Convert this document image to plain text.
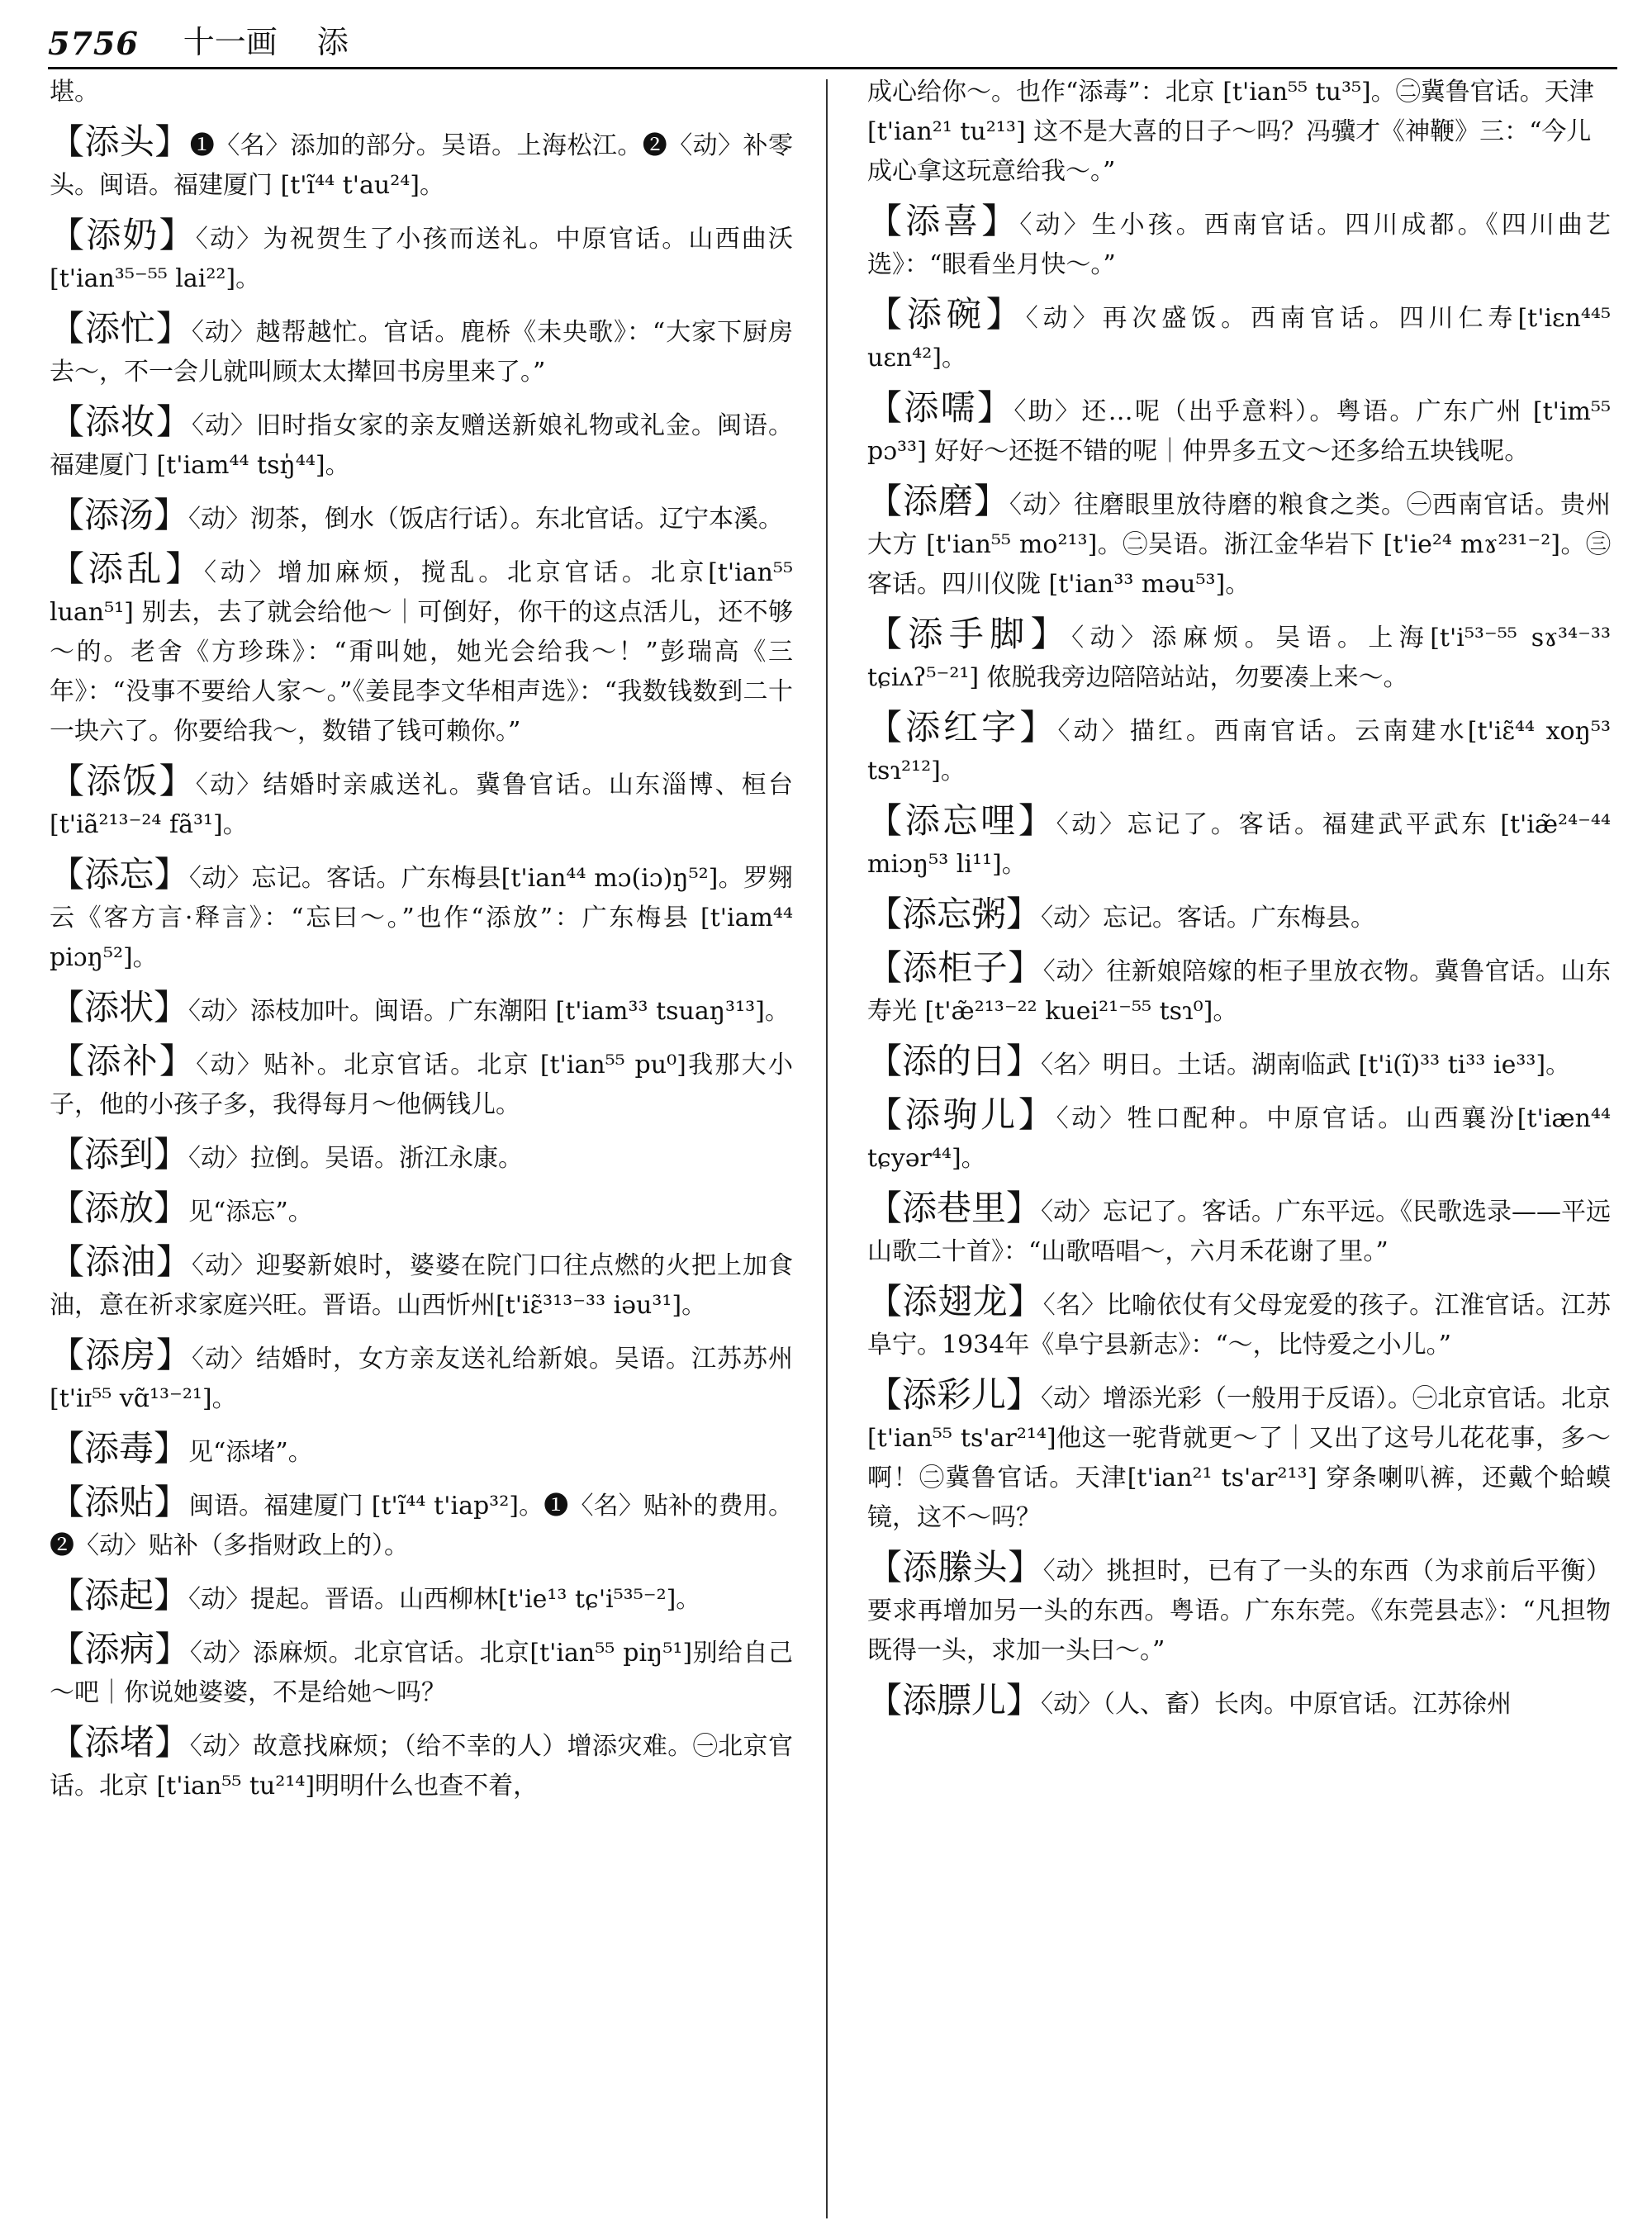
5756 十一画 添
堪。
【添头】❶〈名〉添加的部分。吴语。上海松江。❷〈动〉补零头。闽语。福建厦门 [t'ĩ⁴⁴ t'au²⁴]。
【添奶】〈动〉为祝贺生了小孩而送礼。中原官话。山西曲沃[t'ian³⁵⁻⁵⁵ lai²²]。
【添忙】〈动〉越帮越忙。官话。鹿桥《未央歌》：“大家下厨房去～，不一会儿就叫顾太太撵回书房里来了。”
【添妆】〈动〉旧时指女家的亲友赠送新娘礼物或礼金。闽语。福建厦门 [t'iam⁴⁴ tsŋ̍⁴⁴]。
【添汤】〈动〉沏茶，倒水（饭店行话）。东北官话。辽宁本溪。
【添乱】〈动〉增加麻烦，搅乱。北京官话。北京[t'ian⁵⁵ luan⁵¹] 别去，去了就会给他～｜可倒好，你干的这点活儿，还不够～的。老舍《方珍珠》：“甭叫她，她光会给我～！”彭瑞高《三年》：“没事不要给人家～。”《姜昆李文华相声选》：“我数钱数到二十一块六了。你要给我～，数错了钱可赖你。”
【添饭】〈动〉结婚时亲戚送礼。冀鲁官话。山东淄博、桓台 [t'iã²¹³⁻²⁴ fã³¹]。
【添忘】〈动〉忘记。客话。广东梅县[t'ian⁴⁴ mɔ(iɔ)ŋ⁵²]。罗翙云《客方言·释言》：“忘曰～。”也作“添放”：广东梅县 [t'iam⁴⁴ piɔŋ⁵²]。
【添状】〈动〉添枝加叶。闽语。广东潮阳 [t'iam³³ tsuaŋ³¹³]。
【添补】〈动〉贴补。北京官话。北京 [t'ian⁵⁵ pu⁰]我那大小子，他的小孩子多，我得每月～他俩钱儿。
【添到】〈动〉拉倒。吴语。浙江永康。
【添放】见“添忘”。
【添油】〈动〉迎娶新娘时，婆婆在院门口往点燃的火把上加食油，意在祈求家庭兴旺。晋语。山西忻州[t'iɛ̃³¹³⁻³³ iəu³¹]。
【添房】〈动〉结婚时，女方亲友送礼给新娘。吴语。江苏苏州 [t'iɪ⁵⁵ vɑ̃¹³⁻²¹]。
【添毒】见“添堵”。
【添贴】闽语。福建厦门 [t'ĩ⁴⁴ t'iap³²]。❶〈名〉贴补的费用。❷〈动〉贴补（多指财政上的）。
【添起】〈动〉提起。晋语。山西柳林[t'ie¹³ tɕ'i⁵³⁵⁻²]。
【添病】〈动〉添麻烦。北京官话。北京[t'ian⁵⁵ piŋ⁵¹]别给自己～吧｜你说她婆婆，不是给她～吗？
【添堵】〈动〉故意找麻烦；（给不幸的人）增添灾难。㊀北京官话。北京 [t'ian⁵⁵ tu²¹⁴]明明什么也查不着，
成心给你～。也作“添毒”：北京 [t'ian⁵⁵ tu³⁵]。㊁冀鲁官话。天津 [t'ian²¹ tu²¹³] 这不是大喜的日子～吗？冯骥才《神鞭》三：“今儿成心拿这玩意给我～。”
【添喜】〈动〉生小孩。西南官话。四川成都。《四川曲艺选》：“眼看坐月快～。”
【添碗】〈动〉再次盛饭。西南官话。四川仁寿[t'iɛn⁴⁴⁵ uɛn⁴²]。
【添嚅】〈助〉还…呢（出乎意料）。粤语。广东广州 [t'im⁵⁵ pɔ³³] 好好～还挺不错的呢｜仲畀多五文～还多给五块钱呢。
【添磨】〈动〉往磨眼里放待磨的粮食之类。㊀西南官话。贵州大方 [t'ian⁵⁵ mo²¹³]。㊁吴语。浙江金华岩下 [t'ie²⁴ mɤ²³¹⁻²]。㊂客话。四川仪陇 [t'ian³³ məu⁵³]。
【添手脚】〈动〉添麻烦。吴语。上海[t'i⁵³⁻⁵⁵ sɤ³⁴⁻³³ tɕiʌʔ⁵⁻²¹] 侬脱我旁边陪陪站站，勿要凑上来～。
【添红字】〈动〉描红。西南官话。云南建水[t'iɛ̃⁴⁴ xoŋ⁵³ tsɿ²¹²]。
【添忘哩】〈动〉忘记了。客话。福建武平武东 [t'iæ̃²⁴⁻⁴⁴ miɔŋ⁵³ li¹¹]。
【添忘粥】〈动〉忘记。客话。广东梅县。
【添柜子】〈动〉往新娘陪嫁的柜子里放衣物。冀鲁官话。山东寿光 [t'æ̃²¹³⁻²² kuei²¹⁻⁵⁵ tsɿ⁰]。
【添的日】〈名〉明日。土话。湖南临武 [t'i(ĩ)³³ ti³³ ie³³]。
【添驹儿】〈动〉牲口配种。中原官话。山西襄汾[t'iæn⁴⁴ tɕyər⁴⁴]。
【添巷里】〈动〉忘记了。客话。广东平远。《民歌选录——平远山歌二十首》：“山歌唔唱～，六月禾花谢了里。”
【添翅龙】〈名〉比喻依仗有父母宠爱的孩子。江淮官话。江苏阜宁。1934年《阜宁县新志》：“～，比恃爱之小儿。”
【添彩儿】〈动〉增添光彩（一般用于反语）。㊀北京官话。北京 [t'ian⁵⁵ ts'ar²¹⁴]他这一驼背就更～了｜又出了这号儿花花事，多～啊！㊁冀鲁官话。天津[t'ian²¹ ts'ar²¹³] 穿条喇叭裤，还戴个蛤蟆镜，这不～吗？
【添縢头】〈动〉挑担时，已有了一头的东西（为求前后平衡）要求再增加另一头的东西。粤语。广东东莞。《东莞县志》：“凡担物既得一头，求加一头曰～。”
【添膘儿】〈动〉（人、畜）长肉。中原官话。江苏徐州
